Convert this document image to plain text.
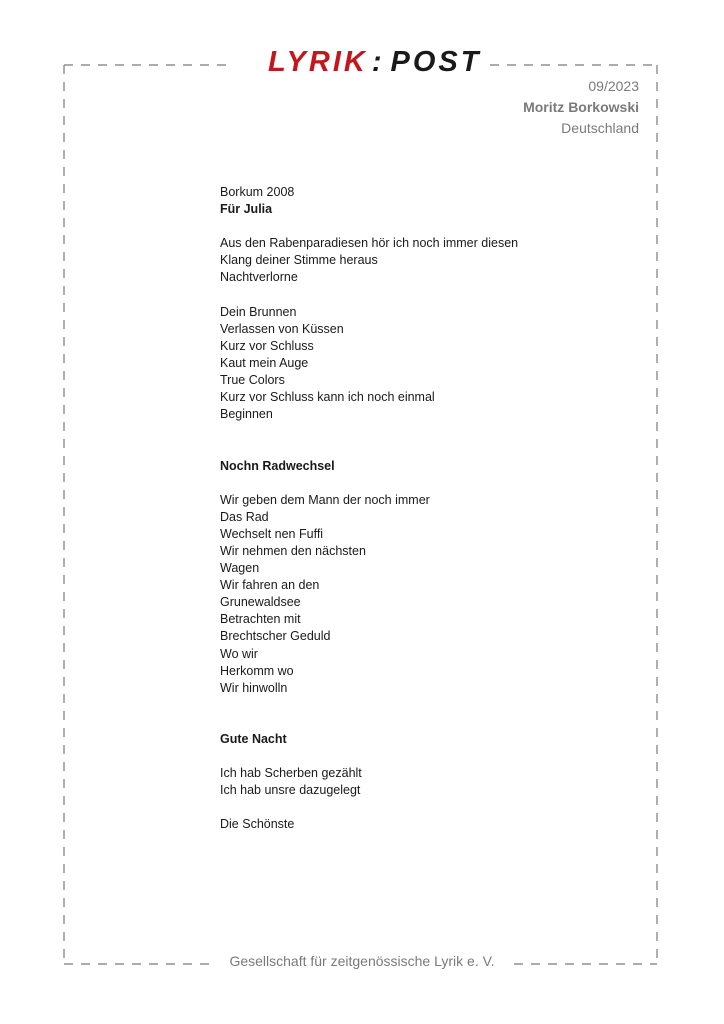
LYRIK : POST
09/2023
Moritz Borkowski
Deutschland
Borkum 2008
Für Julia
Aus den Rabenparadiesen hör ich noch immer diesen
Klang deiner Stimme heraus
Nachtverlorne
Dein Brunnen
Verlassen von Küssen
Kurz vor Schluss
Kaut mein Auge
True Colors
Kurz vor Schluss kann ich noch einmal
Beginnen
Nochn Radwechsel
Wir geben dem Mann der noch immer
Das Rad
Wechselt nen Fuffi
Wir nehmen den nächsten
Wagen
Wir fahren an den
Grunewaldsee
Betrachten mit
Brechtscher Geduld
Wo wir
Herkomm wo
Wir hinwolln
Gute Nacht
Ich hab Scherben gezählt
Ich hab unsre dazugelegt
Die Schönste
Gesellschaft für zeitgenössische Lyrik e. V.
